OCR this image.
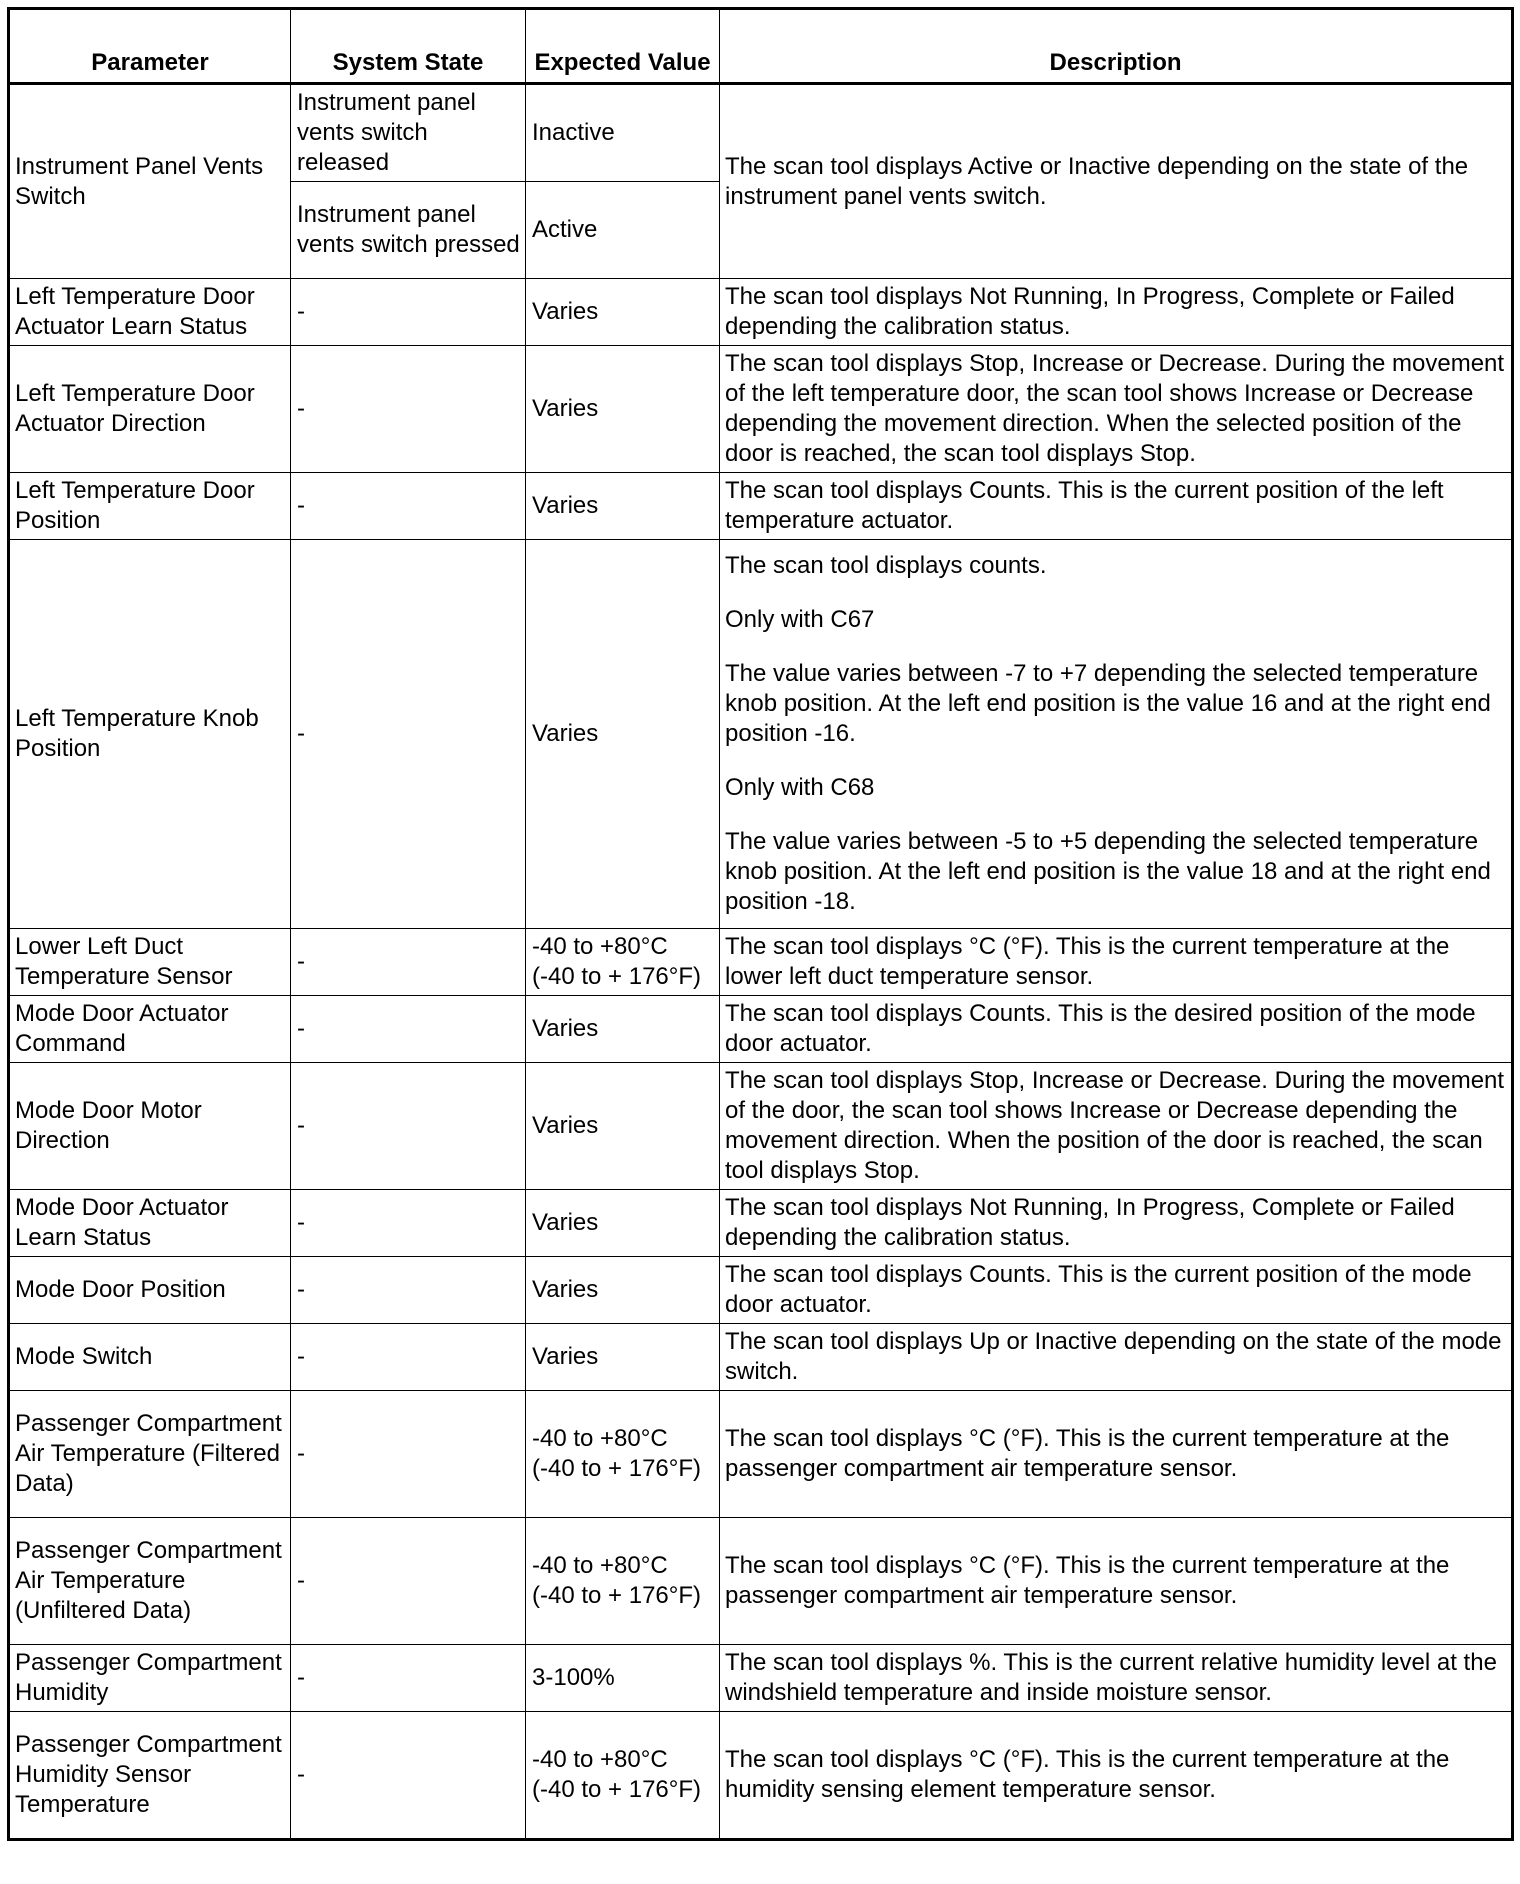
Parameter	System State	Expected Value	Description
Instrument Panel Vents Switch	Instrument panel vents switch released	Inactive	The scan tool displays Active or Inactive depending on the state of the instrument panel vents switch.
	Instrument panel vents switch pressed	Active	
Left Temperature Door Actuator Learn Status	-	Varies	The scan tool displays Not Running, In Progress, Complete or Failed depending the calibration status.
Left Temperature Door Actuator Direction	-	Varies	The scan tool displays Stop, Increase or Decrease. During the movement of the left temperature door, the scan tool shows Increase or Decrease depending the movement direction. When the selected position of the door is reached, the scan tool displays Stop.
Left Temperature Door Position	-	Varies	The scan tool displays Counts. This is the current position of the left temperature actuator.
Left Temperature Knob Position	-	Varies	The scan tool displays counts.

Only with C67

The value varies between -7 to +7 depending the selected temperature knob position. At the left end position is the value 16 and at the right end position -16.

Only with C68

The value varies between -5 to +5 depending the selected temperature knob position. At the left end position is the value 18 and at the right end position -18.

Lower Left Duct Temperature Sensor	-	-40 to +80°C (-40 to + 176°F)	The scan tool displays °C (°F). This is the current temperature at the lower left duct temperature sensor.
Mode Door Actuator Command	-	Varies	The scan tool displays Counts. This is the desired position of the mode door actuator.
Mode Door Motor Direction	-	Varies	The scan tool displays Stop, Increase or Decrease. During the movement of the door, the scan tool shows Increase or Decrease depending the movement direction. When the position of the door is reached, the scan tool displays Stop.
Mode Door Actuator Learn Status	-	Varies	The scan tool displays Not Running, In Progress, Complete or Failed depending the calibration status.
Mode Door Position	-	Varies	The scan tool displays Counts. This is the current position of the mode door actuator.
Mode Switch	-	Varies	The scan tool displays Up or Inactive depending on the state of the mode switch.
Passenger Compartment Air Temperature (Filtered Data)	-	-40 to +80°C (-40 to + 176°F)	The scan tool displays °C (°F). This is the current temperature at the passenger compartment air temperature sensor.
Passenger Compartment Air Temperature (Unfiltered Data)	-	-40 to +80°C (-40 to + 176°F)	The scan tool displays °C (°F). This is the current temperature at the passenger compartment air temperature sensor.
Passenger Compartment Humidity	-	3-100%	The scan tool displays %. This is the current relative humidity level at the windshield temperature and inside moisture sensor.
Passenger Compartment Humidity Sensor Temperature	-	-40 to +80°C (-40 to + 176°F)	The scan tool displays °C (°F). This is the current temperature at the humidity sensing element temperature sensor.
